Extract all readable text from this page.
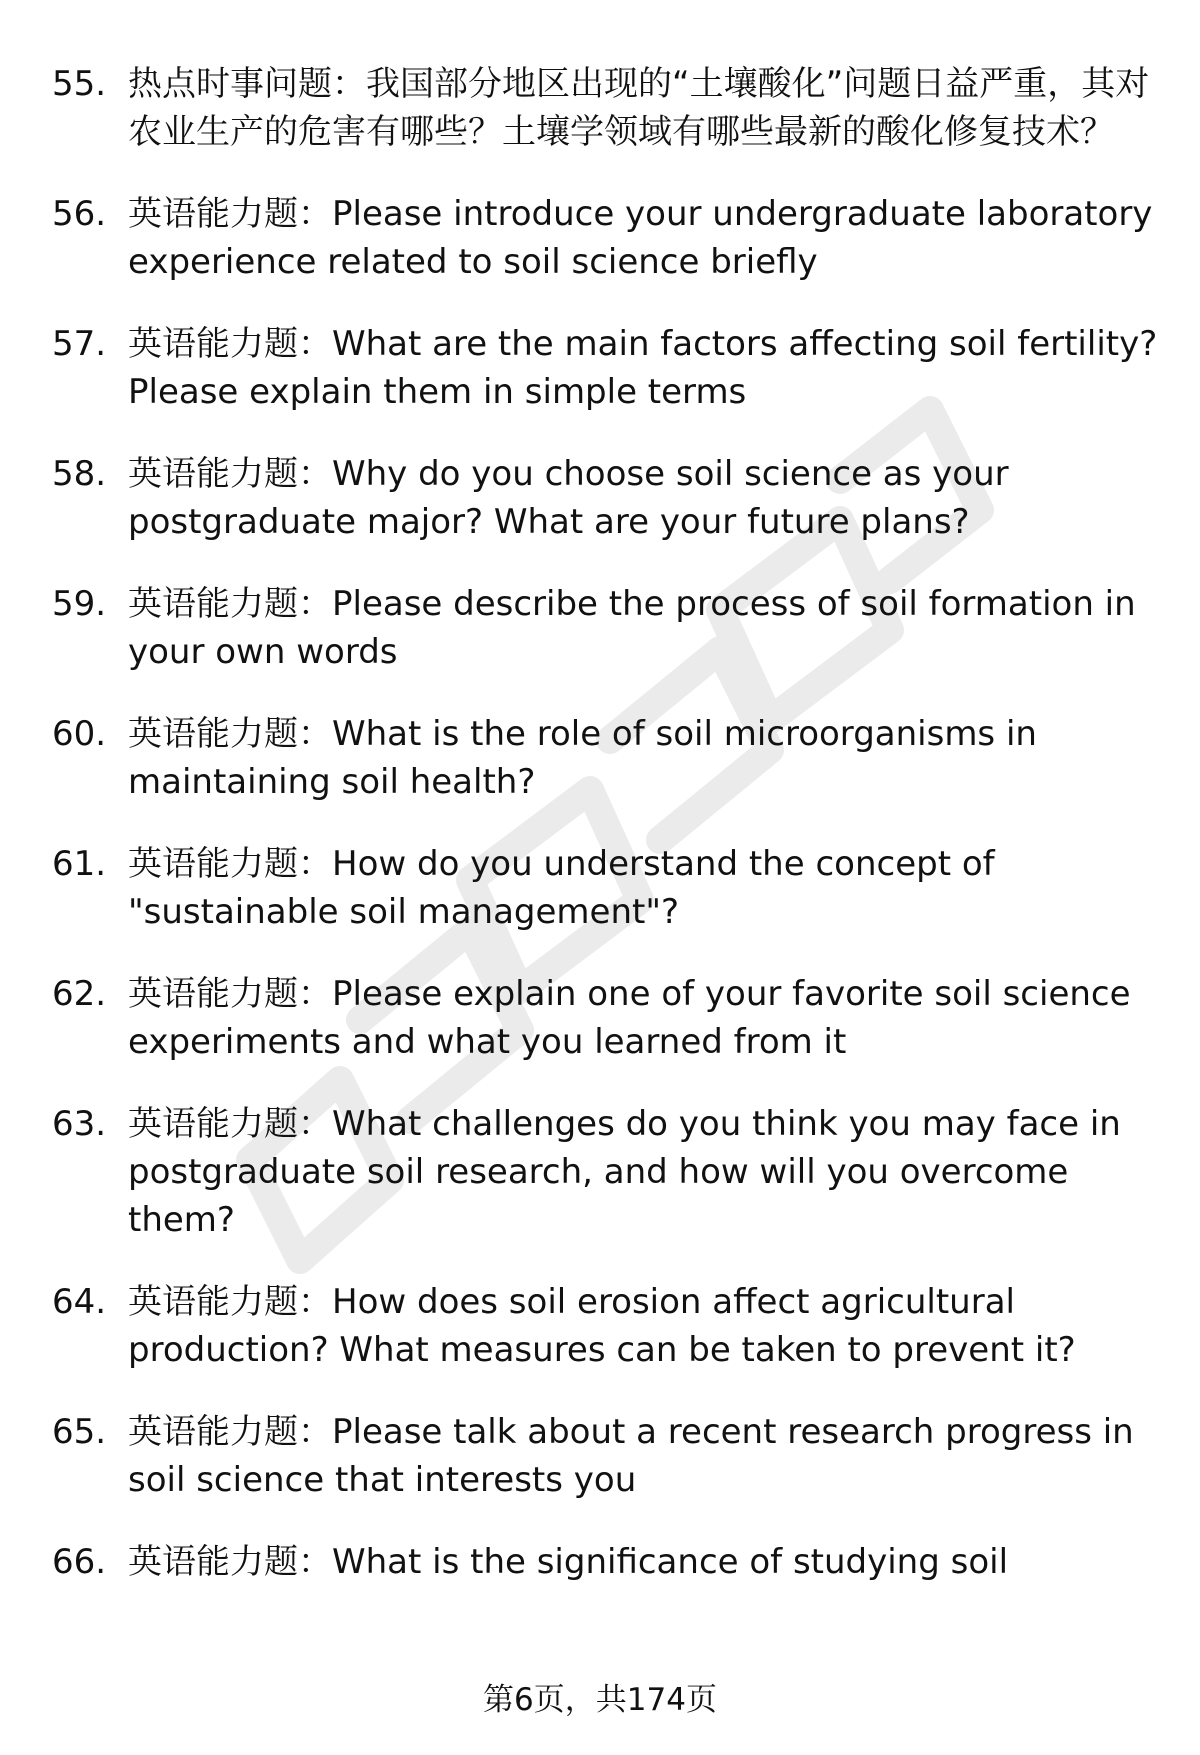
55. 热点时事问题：我国部分地区出现的“土壤酸化”问题日益严重，其对农业生产的危害有哪些？土壤学领域有哪些最新的酸化修复技术？
56. 英语能力题：Please introduce your undergraduate laboratory experience related to soil science briefly
57. 英语能力题：What are the main factors affecting soil fertility? Please explain them in simple terms
58. 英语能力题：Why do you choose soil science as your postgraduate major? What are your future plans?
59. 英语能力题：Please describe the process of soil formation in your own words
60. 英语能力题：What is the role of soil microorganisms in maintaining soil health?
61. 英语能力题：How do you understand the concept of "sustainable soil management"?
62. 英语能力题：Please explain one of your favorite soil science experiments and what you learned from it
63. 英语能力题：What challenges do you think you may face in postgraduate soil research, and how will you overcome them?
64. 英语能力题：How does soil erosion affect agricultural production? What measures can be taken to prevent it?
65. 英语能力题：Please talk about a recent research progress in soil science that interests you
66. 英语能力题：What is the significance of studying soil
第6页，共174页
